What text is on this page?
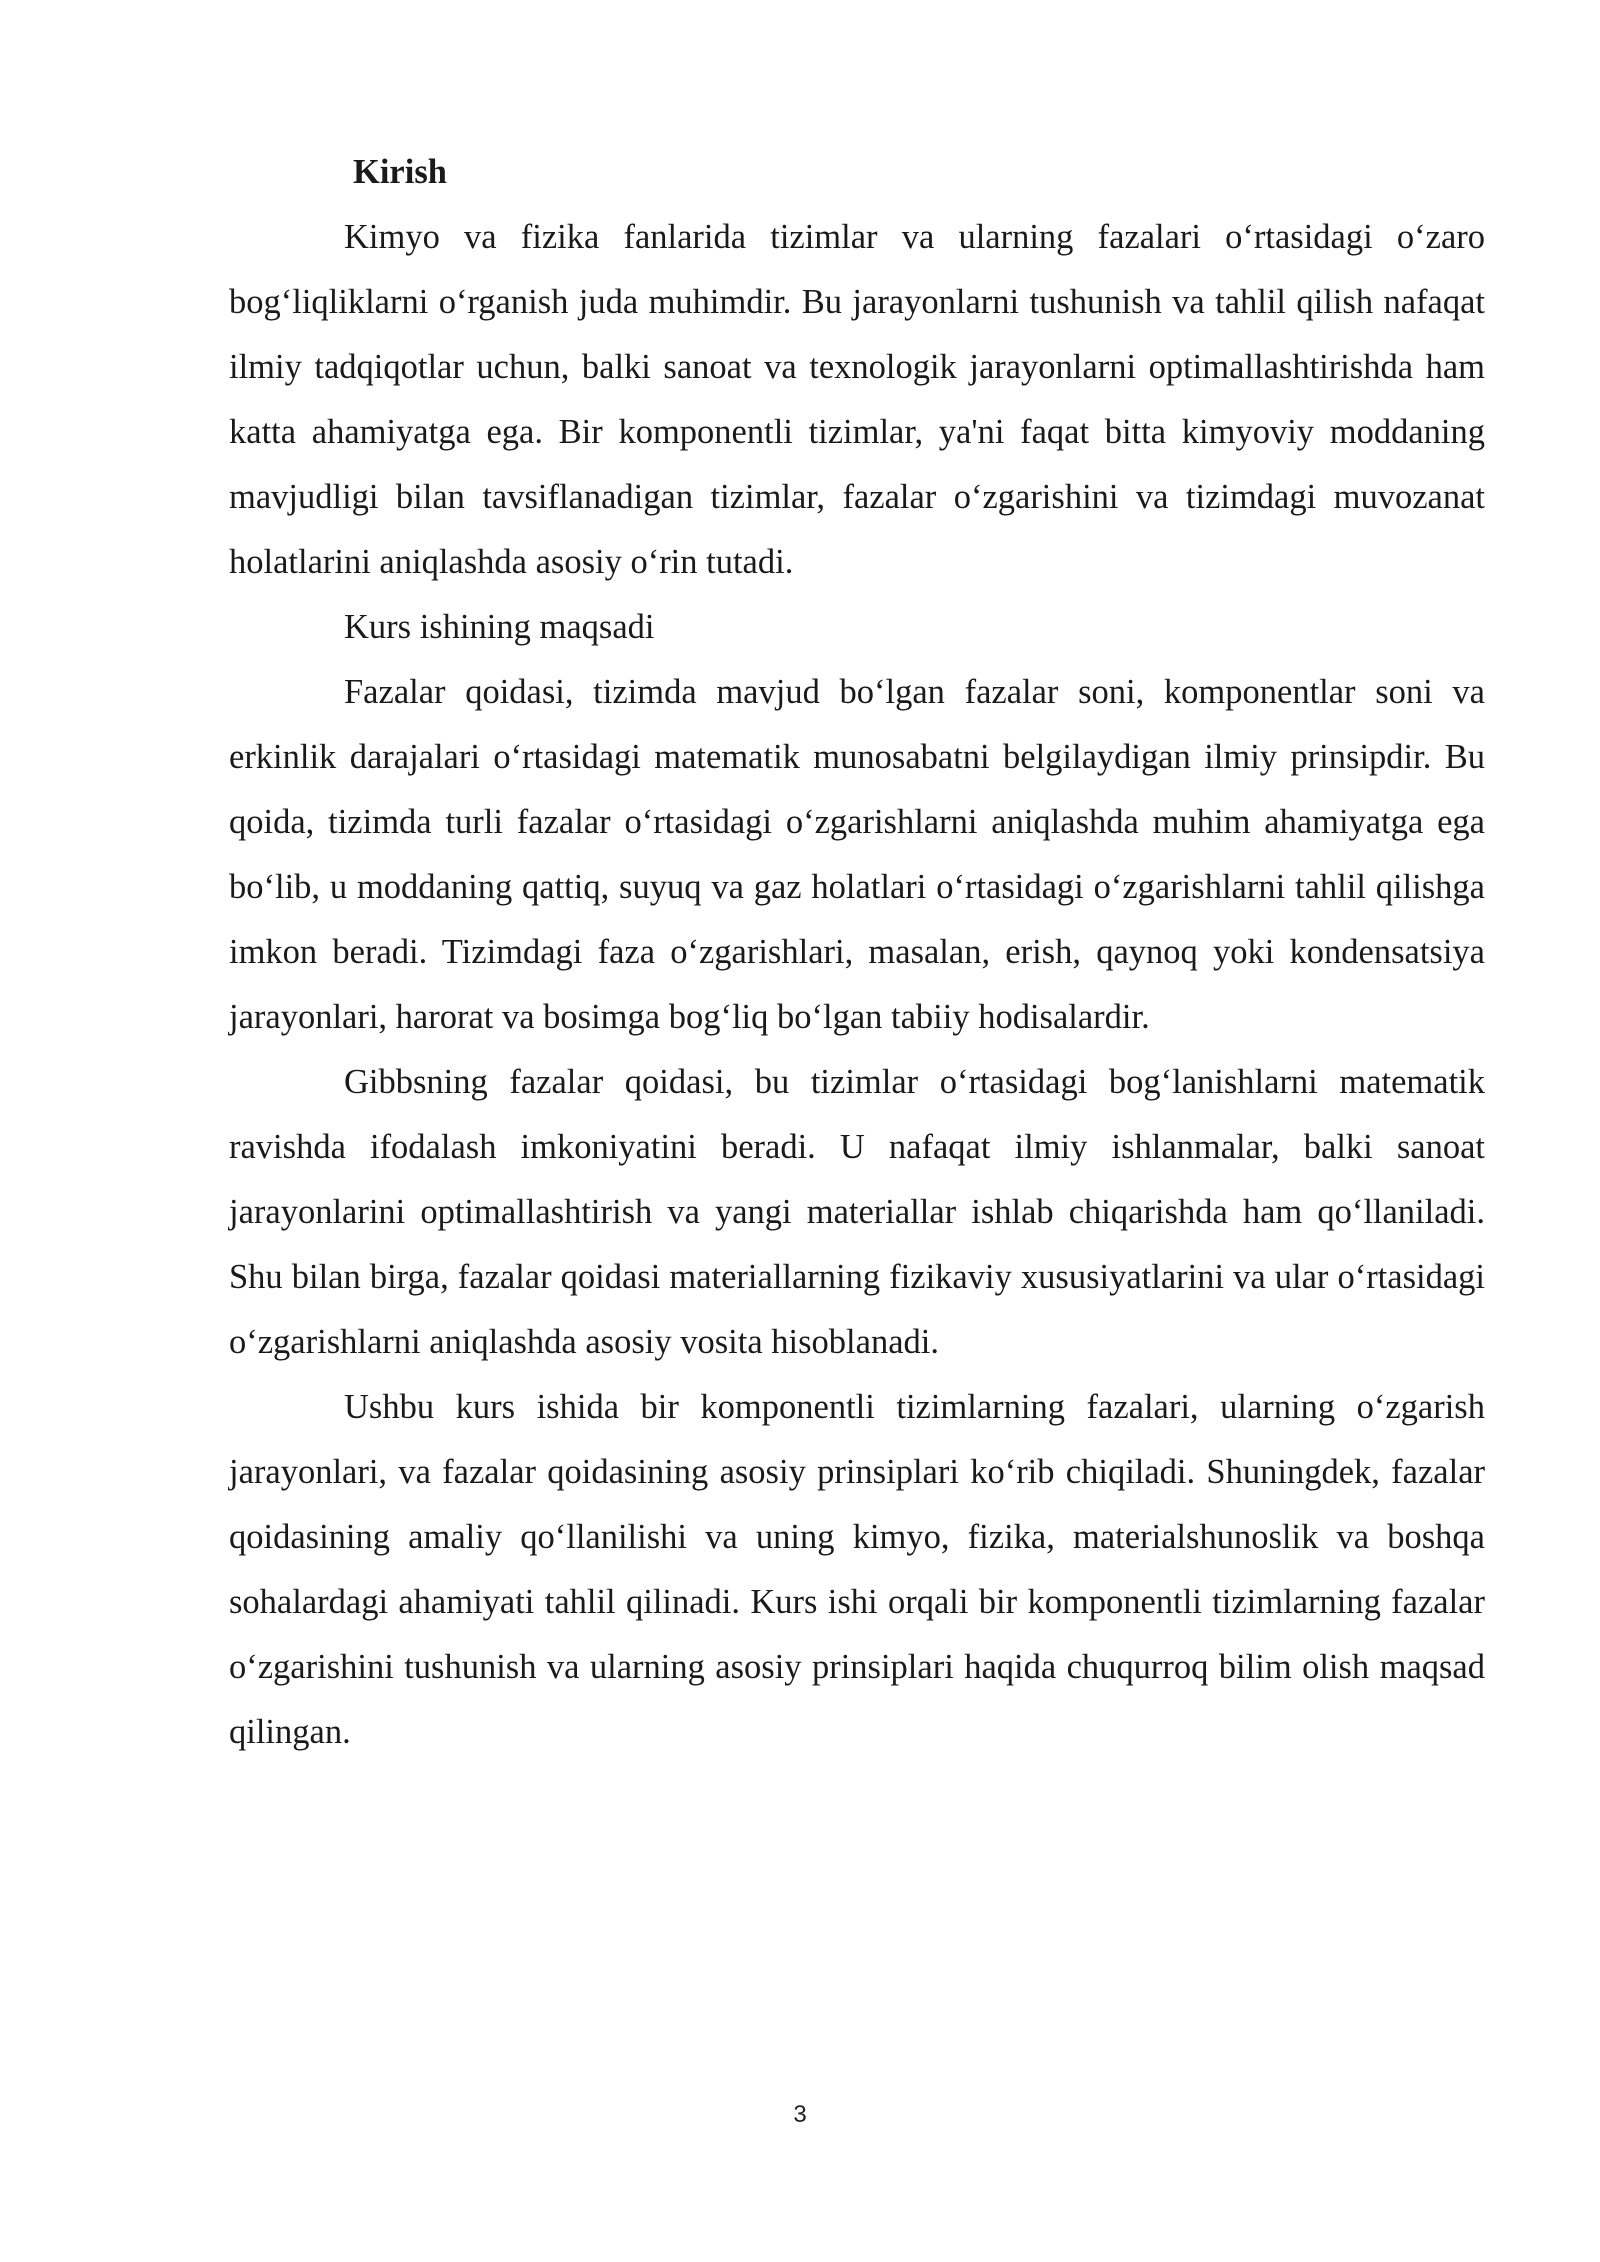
Kirish

Kimyo va fizika fanlarida tizimlar va ularning fazalari o‘rtasidagi o‘zaro bog‘liqliklarni o‘rganish juda muhimdir. Bu jarayonlarni tushunish va tahlil qilish nafaqat ilmiy tadqiqotlar uchun, balki sanoat va texnologik jarayonlarni optimallashtirishda ham katta ahamiyatga ega. Bir komponentli tizimlar, ya'ni faqat bitta kimyoviy moddaning mavjudligi bilan tavsiflanadigan tizimlar, fazalar o‘zgarishini va tizimdagi muvozanat holatlarini aniqlashda asosiy o‘rin tutadi.

Kurs ishining maqsadi

Fazalar qoidasi, tizimda mavjud bo‘lgan fazalar soni, komponentlar soni va erkinlik darajalari o‘rtasidagi matematik munosabatni belgilaydigan ilmiy prinsipdir. Bu qoida, tizimda turli fazalar o‘rtasidagi o‘zgarishlarni aniqlashda muhim ahamiyatga ega bo‘lib, u moddaning qattiq, suyuq va gaz holatlari o‘rtasidagi o‘zgarishlarni tahlil qilishga imkon beradi. Tizimdagi faza o‘zgarishlari, masalan, erish, qaynoq yoki kondensatsiya jarayonlari, harorat va bosimga bog‘liq bo‘lgan tabiiy hodisalardir.

Gibbsning fazalar qoidasi, bu tizimlar o‘rtasidagi bog‘lanishlarni matematik ravishda ifodalash imkoniyatini beradi. U nafaqat ilmiy ishlanmalar, balki sanoat jarayonlarini optimallashtirish va yangi materiallar ishlab chiqarishda ham qo‘llaniladi. Shu bilan birga, fazalar qoidasi materiallarning fizikaviy xususiyatlarini va ular o‘rtasidagi o‘zgarishlarni aniqlashda asosiy vosita hisoblanadi.

Ushbu kurs ishida bir komponentli tizimlarning fazalari, ularning o‘zgarish jarayonlari, va fazalar qoidasining asosiy prinsiplari ko‘rib chiqiladi. Shuningdek, fazalar qoidasining amaliy qo‘llanilishi va uning kimyo, fizika, materialshunoslik va boshqa sohalardagi ahamiyati tahlil qilinadi. Kurs ishi orqali bir komponentli tizimlarning fazalar o‘zgarishini tushunish va ularning asosiy prinsiplari haqida chuqurroq bilim olish maqsad qilingan.

3
